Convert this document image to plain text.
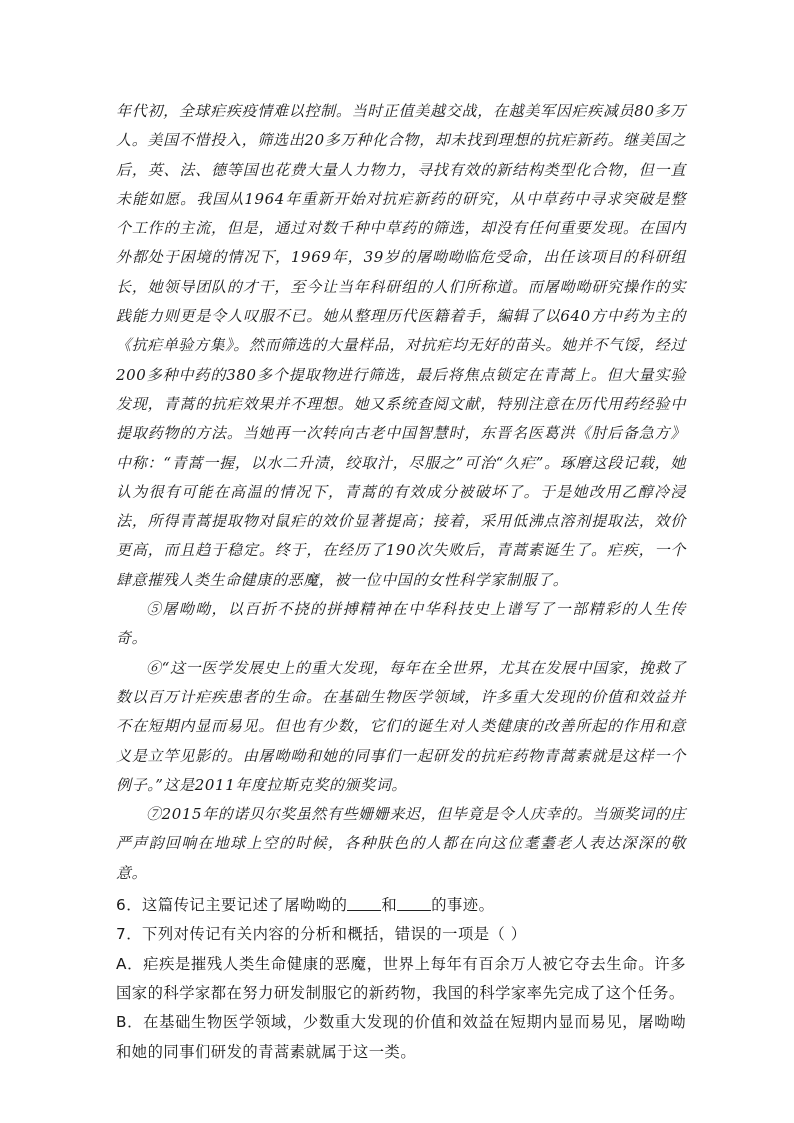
年代初，全球疟疾疫情难以控制。当时正值美越交战，在越美军因疟疾减员80多万人。美国不惜投入，筛选出20多万种化合物，却未找到理想的抗疟新药。继美国之后，英、法、德等国也花费大量人力物力，寻找有效的新结构类型化合物，但一直未能如愿。我国从1964年重新开始对抗疟新药的研究，从中草药中寻求突破是整个工作的主流，但是，通过对数千种中草药的筛选，却没有任何重要发现。在国内外都处于困境的情况下，1969年，39岁的屠呦呦临危受命，出任该项目的科研组长，她领导团队的才干，至今让当年科研组的人们所称道。而屠呦呦研究操作的实践能力则更是令人叹服不已。她从整理历代医籍着手，編辑了以640方中药为主的《抗疟单验方集》。然而筛选的大量样品，对抗疟均无好的苗头。她并不气馁，经过200多种中药的380多个提取物进行筛选，最后将焦点锁定在青蒿上。但大量实验发现，青蒿的抗疟效果并不理想。她又系统查阅文献，特别注意在历代用药经验中提取药物的方法。当她再一次转向古老中国智慧时，东晋名医葛洪《肘后备急方》中称：“青蒿一握，以水二升渍，绞取汁，尽服之”可治“久疟”。琢磨这段记载，她认为很有可能在高温的情况下，青蒿的有效成分被破坏了。于是她改用乙醇冷浸法，所得青蒿提取物对鼠疟的效价显著提高；接着，采用低沸点溶剂提取法，效价更高，而且趋于稳定。终于，在经历了190次失败后，青蒿素诞生了。疟疾，一个肆意摧残人类生命健康的恶魔，被一位中国的女性科学家制服了。

⑤屠呦呦，以百折不挠的拼搏精神在中华科技史上谱写了一部精彩的人生传奇。

⑥“这一医学发展史上的重大发现，每年在全世界，尤其在发展中国家，挽救了数以百万计疟疾患者的生命。在基础生物医学领域，许多重大发现的价值和效益并不在短期内显而易见。但也有少数，它们的诞生对人类健康的改善所起的作用和意义是立竿见影的。由屠呦呦和她的同事们一起研发的抗疟药物青蒿素就是这样一个例子。”这是2011年度拉斯克奖的颁奖词。

⑦2015年的诺贝尔奖虽然有些姗姗来迟，但毕竟是令人庆幸的。当颁奖词的庄严声韵回响在地球上空的时候，各种肤色的人都在向这位耄耋老人表达深深的敬意。

6．这篇传记主要记述了屠呦呦的 和 的事迹。

7．下列对传记有关内容的分析和概括，错误的一项是（ ）

A．疟疾是摧残人类生命健康的恶魔，世界上每年有百余万人被它夺去生命。许多国家的科学家都在努力研发制服它的新药物，我国的科学家率先完成了这个任务。

B．在基础生物医学领域，少数重大发现的价值和效益在短期内显而易见，屠呦呦和她的同事们研发的青蒿素就属于这一类。
